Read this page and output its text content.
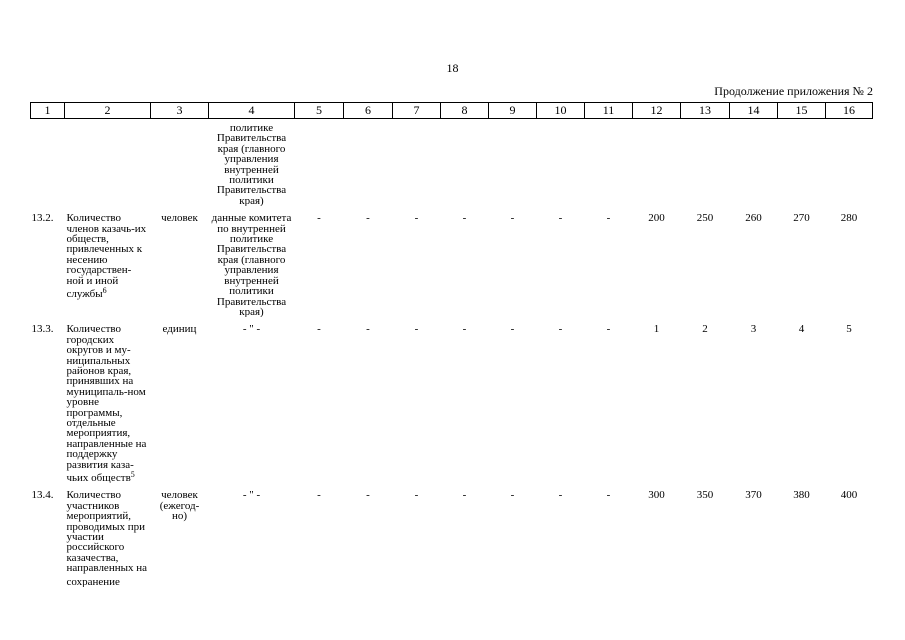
18
Продолжение приложения № 2
1	2	3	4	5	6	7	8	9	10	11	12	13	14	15	16
			политике Правительства края (главного управления внутренней политики Правительства края)												
13.2.	Количество членов казачь-их обществ, привлеченных к несению государствен-ной и иной службы$^6$	человек	данные комитета по внутренней политике Правительства края (главного управления внутренней политики Правительства края)	-	-	-	-	-	-	-	200	250	260	270	280
13.3.	Количество городских округов и му-ниципальных районов края, принявших на муниципаль-ном уровне программы, отдельные мероприятия, направленные на поддержку развития каза-чьих обществ$^5$	единиц	- " -	-	-	-	-	-	-	-	1	2	3	4	5
13.4.	Количество участников мероприятий, проводимых при участии российского казачества, направленных на сохранение	человек (ежегод-но)	- " -	-	-	-	-	-	-	-	300	350	370	380	400
